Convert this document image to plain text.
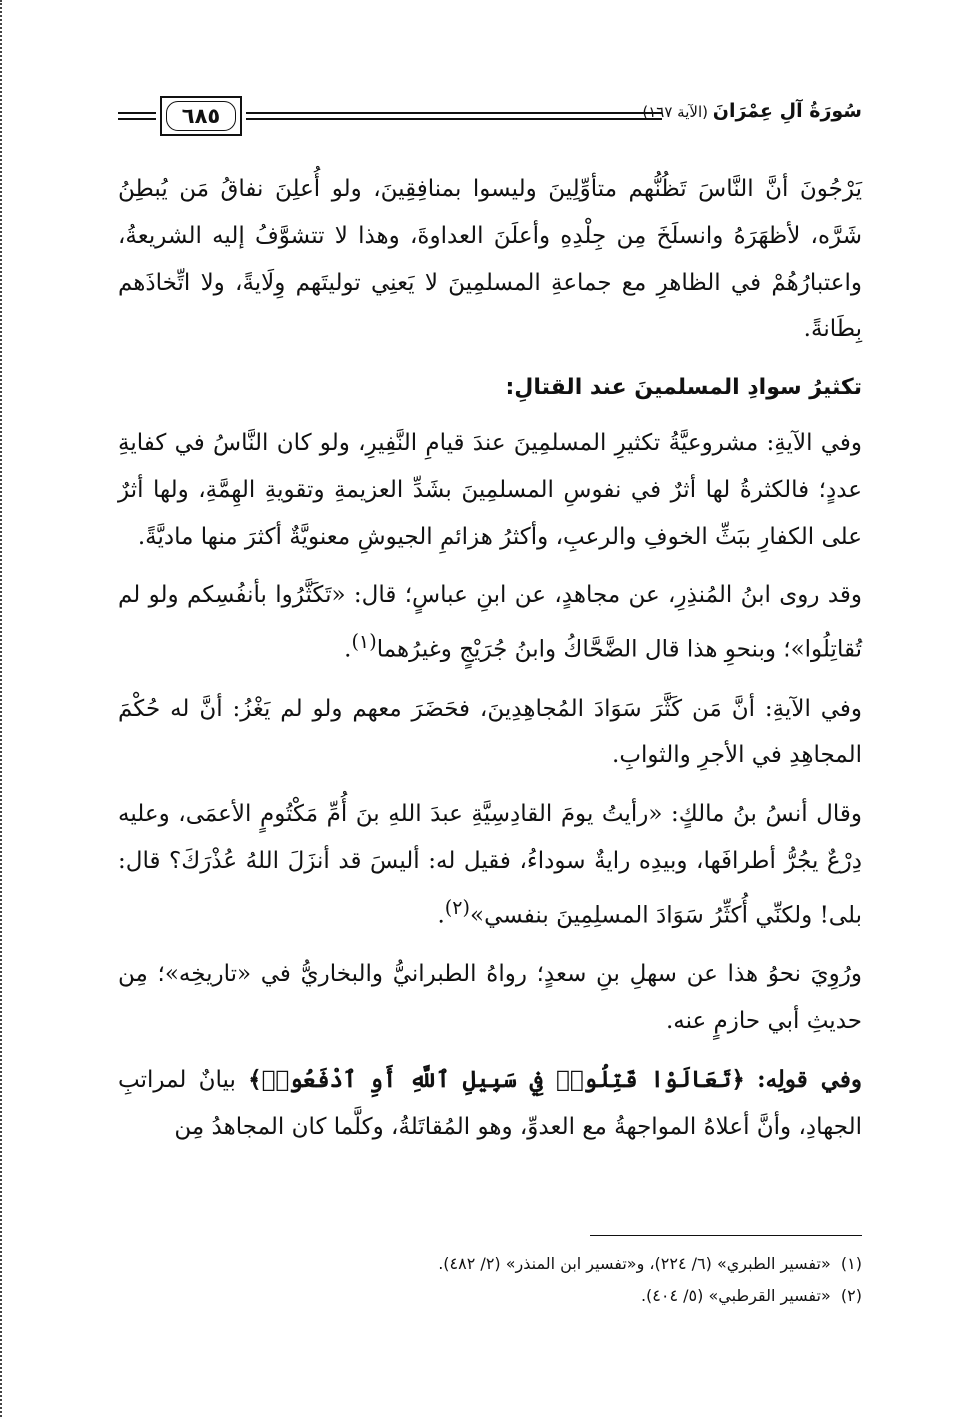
٦٨٥	سُورَةُ آلِ عِمْرَانَ (الآية ١٦٧)

يَرْجُونَ أنَّ النَّاسَ تَظُنُّهم متأوِّلِينَ وليسوا بمنافِقِينَ، ولو أُعلِنَ نفاقُ مَن يُبطِنُ شَرَّه، لأظهَرَهُ وانسلَخَ مِن جِلْدِهِ وأعلَنَ العداوةَ، وهذا لا تتشوَّفُ إليه الشريعةُ، واعتبارُهُمْ في الظاهرِ مع جماعةِ المسلمِينَ لا يَعنِي توليتَهم وِلَايةً، ولا اتِّخاذَهم بِطَانةً.

تكثيرُ سوادِ المسلمينَ عند القتالِ:

وفي الآيةِ: مشروعيَّةُ تكثيرِ المسلمِينَ عندَ قيامِ النَّفِيرِ، ولو كان النَّاسُ في كفايةِ عددٍ؛ فالكثرةُ لها أثرٌ في نفوسِ المسلمِينَ بشَدِّ العزيمةِ وتقويةِ الهِمَّةِ، ولها أثرٌ على الكفارِ ببَثِّ الخوفِ والرعبِ، وأكثرُ هزائمِ الجيوشِ معنويَّةٌ أكثرَ منها ماديَّةً.

وقد روى ابنُ المُنذِرِ، عن مجاهدٍ، عن ابنِ عباسٍ؛ قال: «تَكَثَّرُوا بأنفُسِكم ولو لم تُقاتِلُوا»؛ وبنحوِ هذا قال الضَّحَّاكُ وابنُ جُرَيْجٍ وغيرُهما$^{(١)}$.

وفي الآيةِ: أنَّ مَن كَثَّرَ سَوَادَ المُجاهِدِينَ، فحَضَرَ معهم ولو لم يَغْزُ: أنَّ له حُكْمَ المجاهِدِ في الأجرِ والثوابِ.

وقال أنسُ بنُ مالكٍ: «رأيتُ يومَ القادِسِيَّةِ عبدَ اللهِ بنَ أُمِّ مَكْتُومٍ الأعمَى، وعليه دِرْعٌ يجُرُّ أطرافَها، وبيدِه رايةٌ سوداءُ، فقيل له: أليسَ قد أنزَلَ اللهُ عُذْرَكَ؟ قال: بلى! ولكنِّي أُكثِّرُ سَوَادَ المسلِمِينَ بنفسي»$^{(٢)}$.

ورُوِيَ نحوُ هذا عن سهلِ بنِ سعدٍ؛ رواهُ الطبرانيُّ والبخاريُّ في «تاريخِه»؛ مِن حديثِ أبي حازمٍ عنه.

وفي قولِه: ﴿تَعَالَوْا قَتِلُوا۟ فِي سَبِيلِ ٱللَّهِ أَوِ ٱدْفَعُوا۟﴾ بيانٌ لمراتبِ الجهادِ، وأنَّ أعلاهُ المواجهةُ مع العدوِّ، وهو المُقاتَلةُ، وكلَّما كان المجاهدُ مِن

(١)  «تفسير الطبري» (٦/ ٢٢٤)، و«تفسير ابن المنذر» (٢/ ٤٨٢).
(٢)  «تفسير القرطبي» (٥/ ٤٠٤).
